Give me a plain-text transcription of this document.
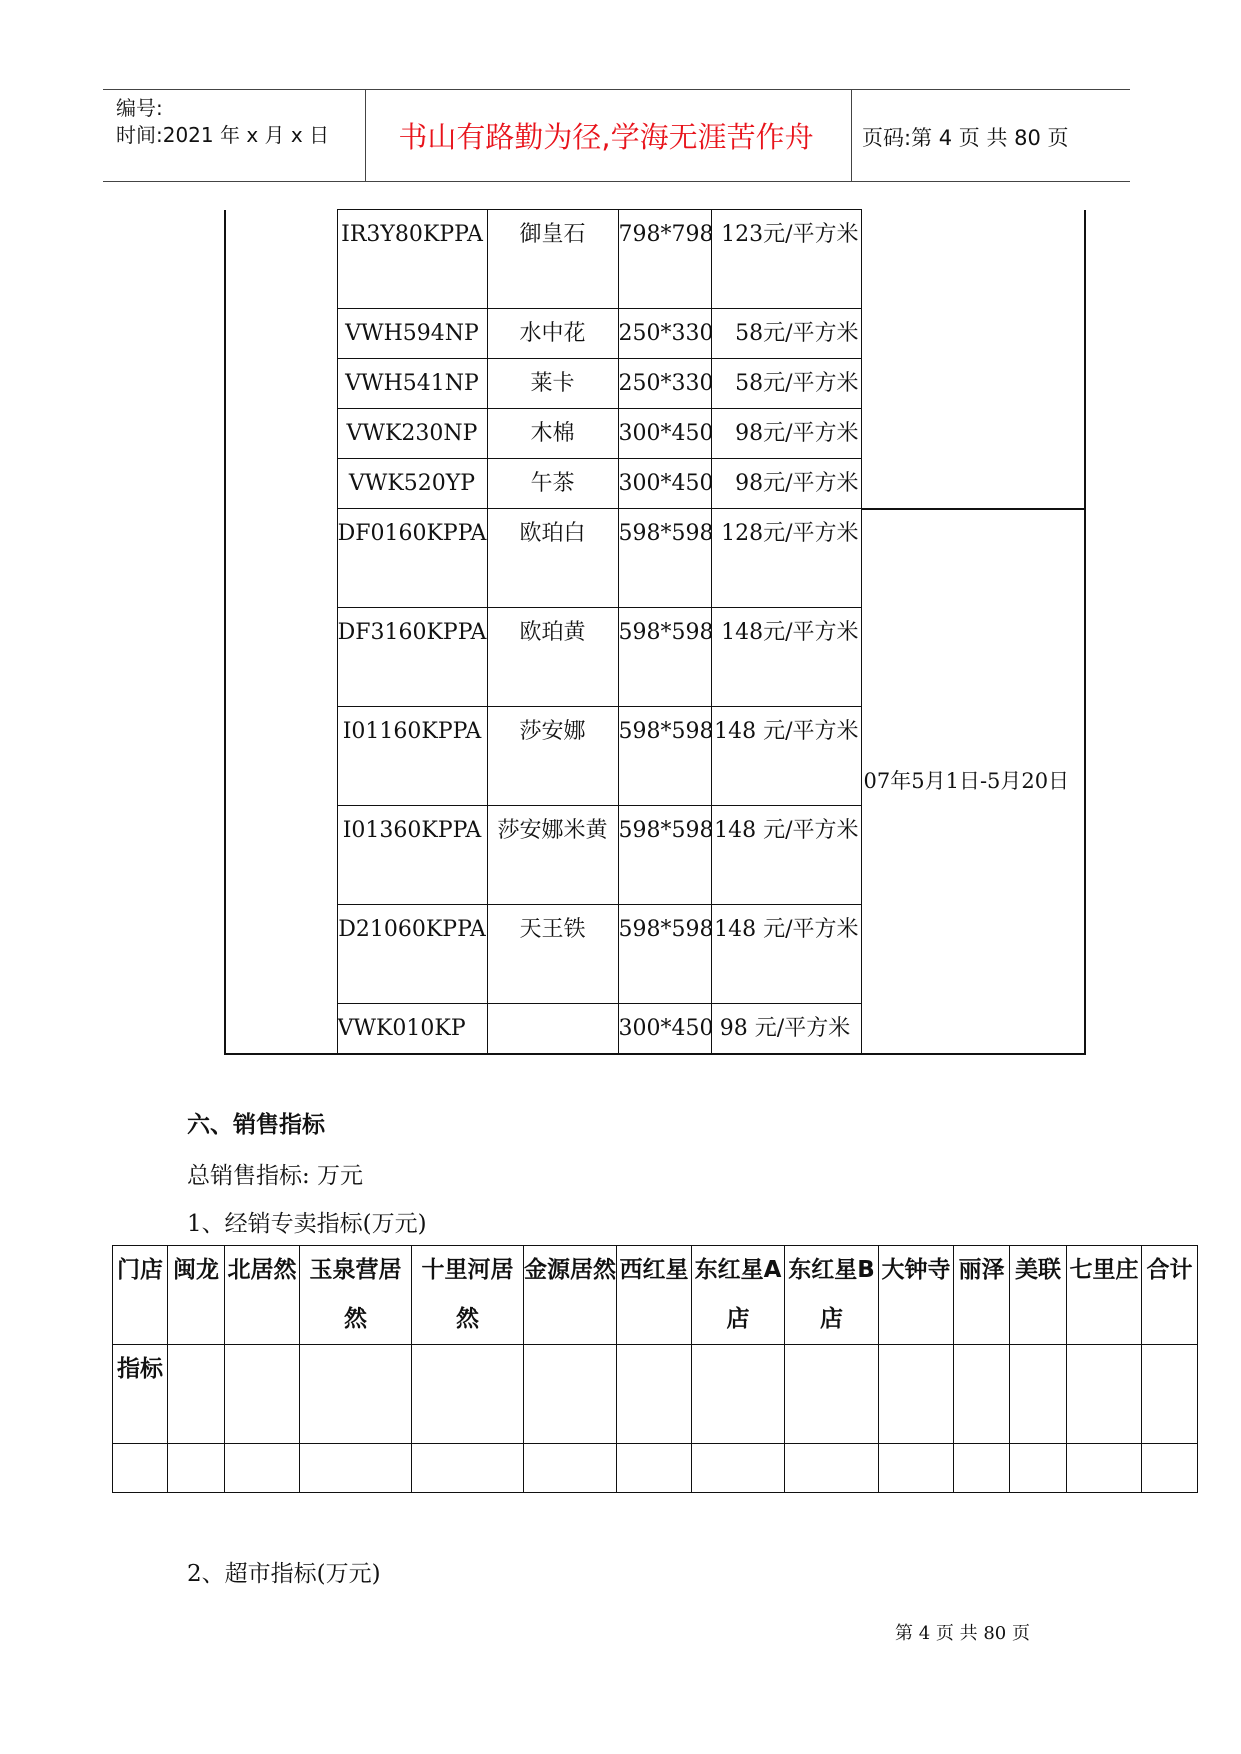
编号:
时间:2021 年 x 月 x 日	书山有路勤为径,学海无涯苦作舟	页码:第 4 页 共 80 页
	IR3Y80KPPA	御皇石	798*798	123元/平方米	
	VWH594NP	水中花	250*330	58元/平方米	
	VWH541NP	莱卡	250*330	58元/平方米	
	VWK230NP	木棉	300*450	98元/平方米	
	VWK520YP	午茶	300*450	98元/平方米	
	DF0160KPPA	欧珀白	598*598	128元/平方米	07年5月1日-5月20日
	DF3160KPPA	欧珀黄	598*598	148元/平方米	
	I01160KPPA	莎安娜	598*598	148 元/平方米	
	I01360KPPA	莎安娜米黄	598*598	148 元/平方米	
	D21060KPPA	天王铁	598*598	148 元/平方米	
	VWK010KP		300*450	98 元/平方米	
六、销售指标
总销售指标: 万元
1、经销专卖指标(万元)
门店	闽龙	北居然	玉泉营居然	十里河居然	金源居然	西红星	东红星A店	东红星B店	大钟寺	丽泽	美联	七里庄	合计
指标													

2、超市指标(万元)
第 4 页 共 80 页
